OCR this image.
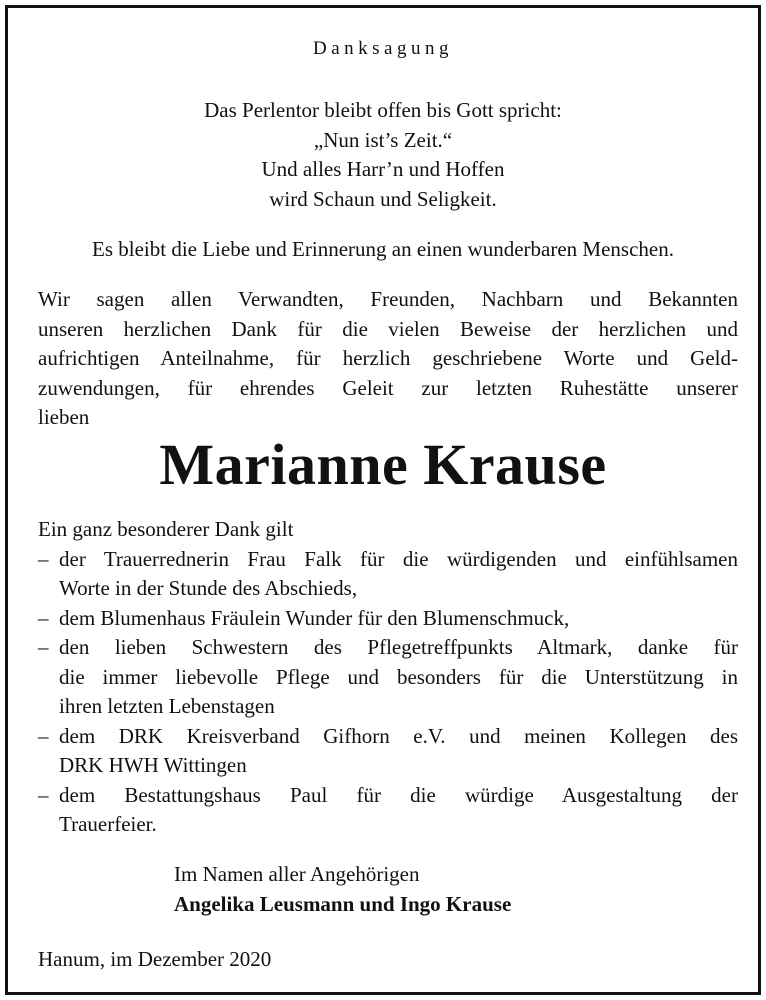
Danksagung
Das Perlentor bleibt offen bis Gott spricht:
„Nun ist’s Zeit.“
Und alles Harr’n und Hoffen
wird Schaun und Seligkeit.
Es bleibt die Liebe und Erinnerung an einen wunderbaren Menschen.
Wir sagen allen Verwandten, Freunden, Nachbarn und Bekannten
unseren herzlichen Dank für die vielen Beweise der herzlichen und
aufrichtigen Anteilnahme, für herzlich geschriebene Worte und Geld-
zuwendungen, für ehrendes Geleit zur letzten Ruhestätte unserer
lieben
Marianne Krause
Ein ganz besonderer Dank gilt
– der Trauerrednerin Frau Falk für die würdigenden und einfühlsamen
Worte in der Stunde des Abschieds,
– dem Blumenhaus Fräulein Wunder für den Blumenschmuck,
– den lieben Schwestern des Pflegetreffpunkts Altmark, danke für
die immer liebevolle Pflege und besonders für die Unterstützung in
ihren letzten Lebenstagen
– dem DRK Kreisverband Gifhorn e.V. und meinen Kollegen des
DRK HWH Wittingen
– dem Bestattungshaus Paul für die würdige Ausgestaltung der
Trauerfeier.
Im Namen aller Angehörigen
Angelika Leusmann und Ingo Krause
Hanum, im Dezember 2020
